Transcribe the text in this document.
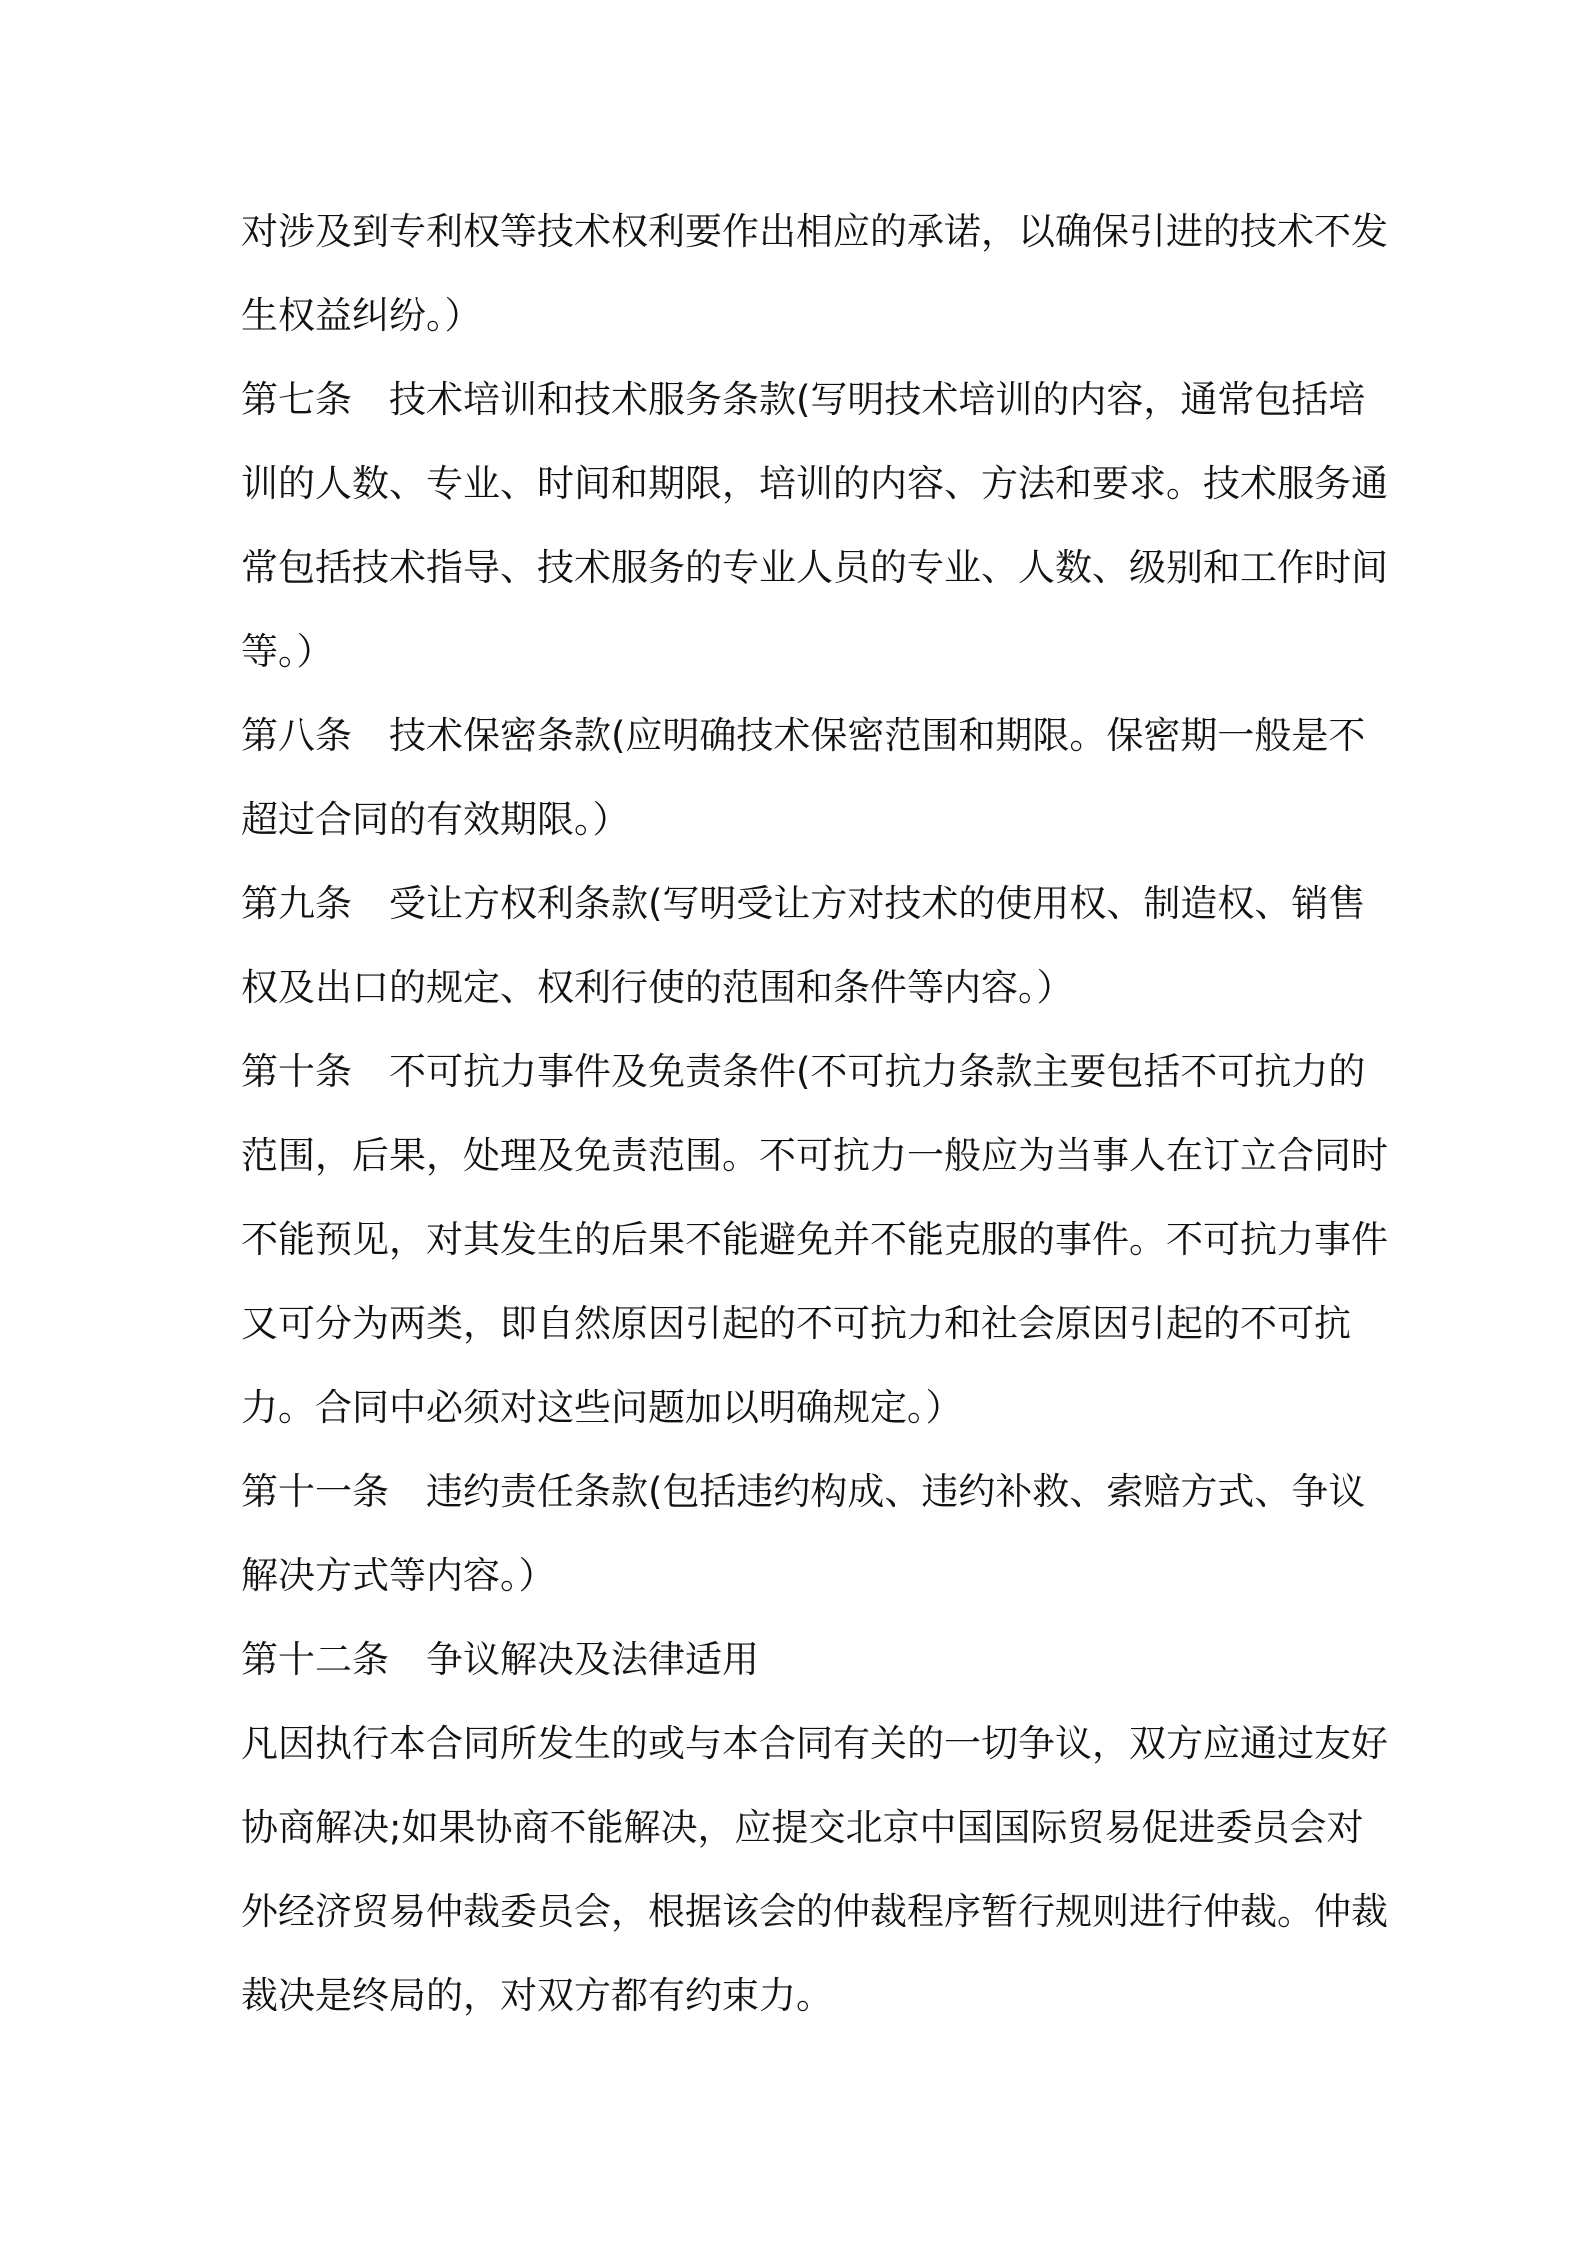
对涉及到专利权等技术权利要作出相应的承诺，以确保引进的技术不发生权益纠纷。）

第七条　技术培训和技术服务条款(写明技术培训的内容，通常包括培训的人数、专业、时间和期限，培训的内容、方法和要求。技术服务通常包括技术指导、技术服务的专业人员的专业、人数、级别和工作时间等。）

第八条　技术保密条款(应明确技术保密范围和期限。保密期一般是不超过合同的有效期限。）

第九条　受让方权利条款(写明受让方对技术的使用权、制造权、销售权及出口的规定、权利行使的范围和条件等内容。）

第十条　不可抗力事件及免责条件(不可抗力条款主要包括不可抗力的范围，后果，处理及免责范围。不可抗力一般应为当事人在订立合同时不能预见，对其发生的后果不能避免并不能克服的事件。不可抗力事件又可分为两类，即自然原因引起的不可抗力和社会原因引起的不可抗力。合同中必须对这些问题加以明确规定。）

第十一条　违约责任条款(包括违约构成、违约补救、索赔方式、争议解决方式等内容。）

第十二条　争议解决及法律适用

凡因执行本合同所发生的或与本合同有关的一切争议，双方应通过友好协商解决;如果协商不能解决，应提交北京中国国际贸易促进委员会对外经济贸易仲裁委员会，根据该会的仲裁程序暂行规则进行仲裁。仲裁裁决是终局的，对双方都有约束力。
